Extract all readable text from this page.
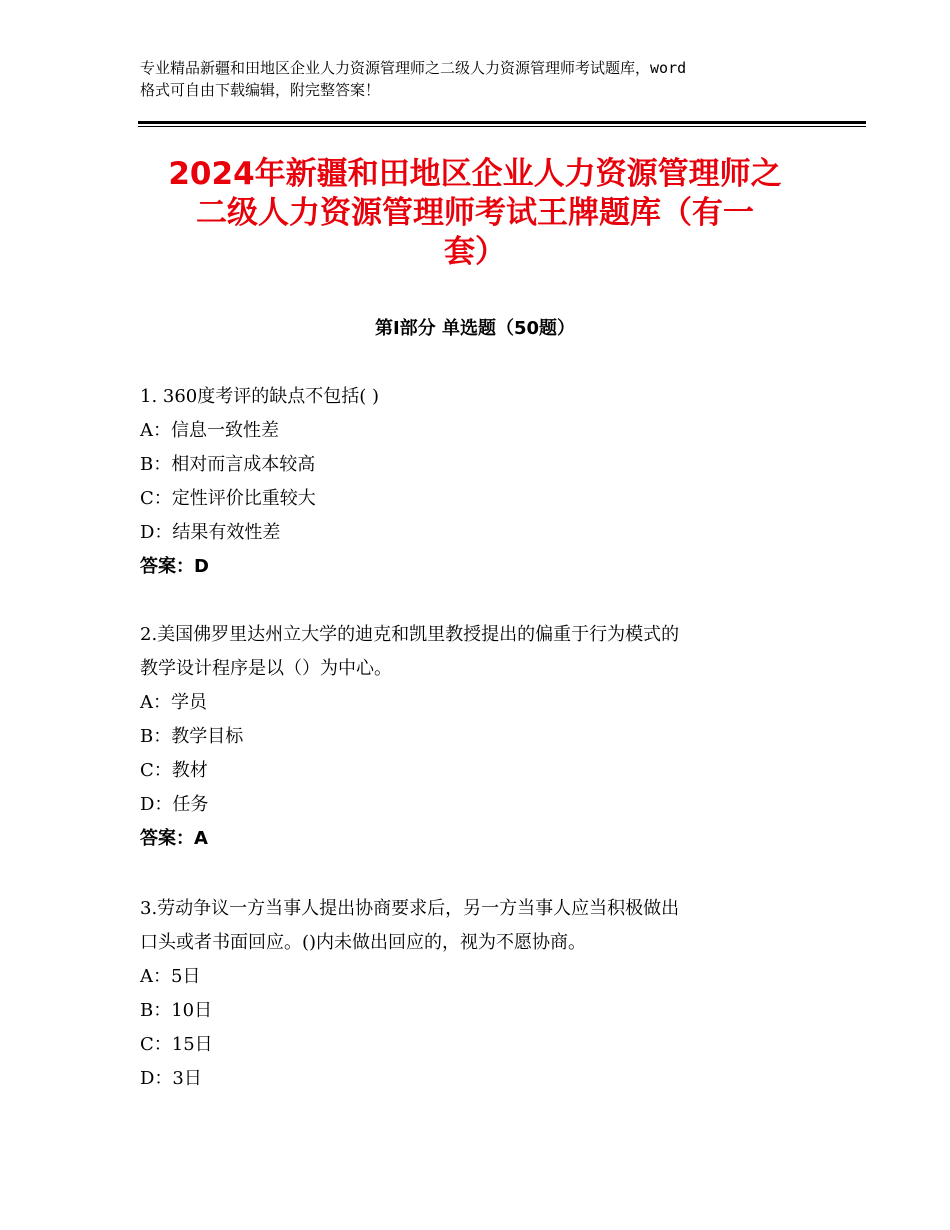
专业精品新疆和田地区企业人力资源管理师之二级人力资源管理师考试题库，word
格式可自由下载编辑，附完整答案！
2024年新疆和田地区企业人力资源管理师之
二级人力资源管理师考试王牌题库（有一
套）
第Ⅰ部分 单选题（50题）
1. 360度考评的缺点不包括( )
A：信息一致性差
B：相对而言成本较高
C：定性评价比重较大
D：结果有效性差
答案：D
2.美国佛罗里达州立大学的迪克和凯里教授提出的偏重于行为模式的
教学设计程序是以（）为中心。
A：学员
B：教学目标
C：教材
D：任务
答案：A
3.劳动争议一方当事人提出协商要求后，另一方当事人应当积极做出
口头或者书面回应。()内未做出回应的，视为不愿协商。
A：5日
B：10日
C：15日
D：3日
